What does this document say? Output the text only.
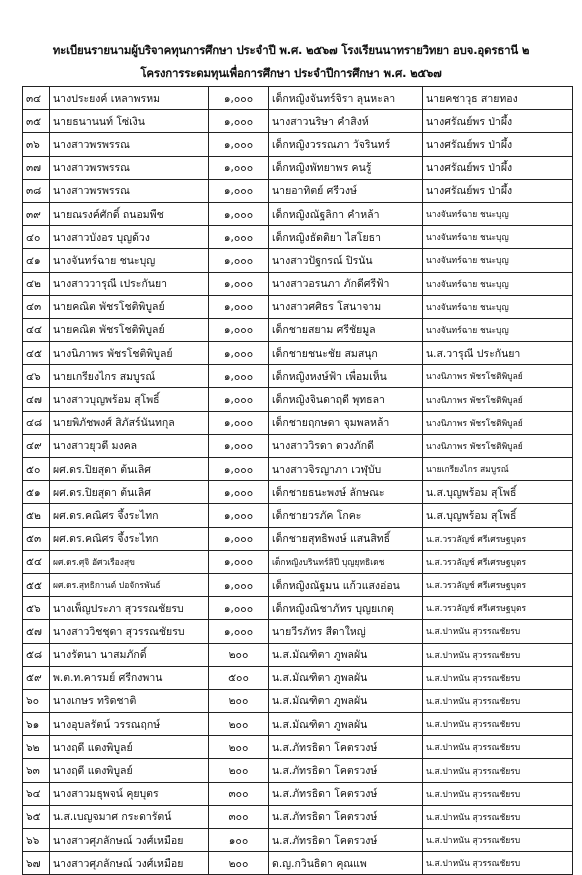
ทะเบียนรายนามผู้บริจาคทุนการศึกษา ประจำปี พ.ศ. ๒๕๖๗ โรงเรียนนาทรายวิทยา อบจ.อุดรธานี ๒
โครงการระดมทุนเพื่อการศึกษา ประจำปีการศึกษา พ.ศ. ๒๕๖๗
๓๔	นางประยงค์ เหลาพรหม	๑,๐๐๐	เด็กหญิงจันทร์จิรา ลุนหะลา	นายคชาวุธ สายทอง
๓๕	นายธนานนท์ โซ่เงิน	๑,๐๐๐	นางสาวนริษา คำสิงห์	นางศรัณย์พร ป่าผึ้ง
๓๖	นางสาวพรพรรณ	๑,๐๐๐	เด็กหญิงวรรณภา วัจรินทร์	นางศรัณย์พร ป่าผึ้ง
๓๗	นางสาวพรพรรณ	๑,๐๐๐	เด็กหญิงพัทยาพร คนรู้	นางศรัณย์พร ป่าผึ้ง
๓๘	นางสาวพรพรรณ	๑,๐๐๐	นายอาทิตย์ ศรีวงษ์	นางศรัณย์พร ป่าผึ้ง
๓๙	นายณรงค์ศักดิ์ ถนอมพืช	๑,๐๐๐	เด็กหญิงณัฐลิกา คำหล้า	นางจันทร์ฉาย ชนะบุญ
๔๐	นางสาวบังอร บุญด้วง	๑,๐๐๐	เด็กหญิงธัดติยา ไสโยธา	นางจันทร์ฉาย ชนะบุญ
๔๑	นางจันทร์ฉาย ชนะบุญ	๑,๐๐๐	นางสาวปัฐกรณ์ ปิรนัน	นางจันทร์ฉาย ชนะบุญ
๔๒	นางสาววารุณี เประกันยา	๑,๐๐๐	นางสาวอรนภา ภักดีศรีฟ้า	นางจันทร์ฉาย ชนะบุญ
๔๓	นายคณิต พัชรโชติพิบูลย์	๑,๐๐๐	นางสาวศศิธร โสนาจาม	นางจันทร์ฉาย ชนะบุญ
๔๔	นายคณิต พัชรโชติพิบูลย์	๑,๐๐๐	เด็กชายสยาม ศรีชัยมูล	นางจันทร์ฉาย ชนะบุญ
๔๕	นางนิภาพร พัชรโชติพิบูลย์	๑,๐๐๐	เด็กชายชนะชัย สมสนุก	น.ส.วารุณี ประกันยา
๔๖	นายเกรียงไกร สมบูรณ์	๑,๐๐๐	เด็กหญิงหงษ์ฟ้า เพื่อมเห็น	นางนิภาพร พัชรโชติพิบูลย์
๔๗	นางสาวบุญพร้อม สุโพธิ์	๑,๐๐๐	เด็กหญิงจินดาฤดี พุทธลา	นางนิภาพร พัชรโชติพิบูลย์
๔๘	นายพิภัชพงศ์ สิภัสร์นันทกุล	๑,๐๐๐	เด็กชายฤกษดา จุมพลหล้า	นางนิภาพร พัชรโชติพิบูลย์
๔๙	นางสาวยุวดี มงคล	๑,๐๐๐	นางสาววิรดา ดวงภักดี	นางนิภาพร พัชรโชติพิบูลย์
๕๐	ผศ.ดร.ปิยสุดา ต้นเลิศ	๑,๐๐๐	นางสาวจิรญาภา เวฬุบับ	นายเกรียงไกร สมบูรณ์
๕๑	ผศ.ดร.ปิยสุดา ต้นเลิศ	๑,๐๐๐	เด็กชายธนะพงษ์ ลักษณะ	น.ส.บุญพร้อม สุโพธิ์
๕๒	ผศ.ดร.คณิศร จึ้งระไทก	๑,๐๐๐	เด็กชายวรภัค โกคะ	น.ส.บุญพร้อม สุโพธิ์
๕๓	ผศ.ดร.คณิศร จึ้งระไทก	๑,๐๐๐	เด็กชายสุทธิพงษ์ แสนสิทธิ์	น.ส.วรวลัญช์ ศรีเศรษฐบุตร
๕๔	ผศ.ดร.ศุจิ อัศวเรืองสุข	๑,๐๐๐	เด็กหญิงบรินทร์ลิปี บุญยุทธิเดช	น.ส.วรวลัญช์ ศรีเศรษฐบุตร
๕๕	ผศ.ดร.สุทธิกานต์ ปอจักรพันธ์	๑,๐๐๐	เด็กหญิงณัฐมน แก้วแสงอ่อน	น.ส.วรวลัญช์ ศรีเศรษฐบุตร
๕๖	นางเพ็ญประภา สุวรรณชัยรบ	๑,๐๐๐	เด็กหญิงณิชาภัทร บุญยเกตุ	น.ส.วรวลัญช์ ศรีเศรษฐบุตร
๕๗	นางสาววิชชุดา สุวรรณชัยรบ	๑,๐๐๐	นายวีรภัทร สีดาใหญ่	น.ส.ปาหนัน สุวรรณชัยรบ
๕๘	นางรัตนา นาสมภักดิ์	๒๐๐	น.ส.มัณฑิตา ภูพลผัน	น.ส.ปาหนัน สุวรรณชัยรบ
๕๙	พ.ต.ท.คารมย์ ศรีกงพาน	๕๐๐	น.ส.มัณฑิตา ภูพลผัน	น.ส.ปาหนัน สุวรรณชัยรบ
๖๐	นางเกษร ทริดชาติ	๒๐๐	น.ส.มัณฑิตา ภูพลผัน	น.ส.ปาหนัน สุวรรณชัยรบ
๖๑	นางอุบลรัตน์ วรรณฤกษ์	๒๐๐	น.ส.มัณฑิตา ภูพลผัน	น.ส.ปาหนัน สุวรรณชัยรบ
๖๒	นางฤดี แดงพิบูลย์	๒๐๐	น.ส.ภัทรธิดา โคตรวงษ์	น.ส.ปาหนัน สุวรรณชัยรบ
๖๓	นางฤดี แดงพิบูลย์	๒๐๐	น.ส.ภัทรธิดา โคตรวงษ์	น.ส.ปาหนัน สุวรรณชัยรบ
๖๔	นางสาวมธุพจน์ คุยบุตร	๓๐๐	น.ส.ภัทรธิดา โคตรวงษ์	น.ส.ปาหนัน สุวรรณชัยรบ
๖๕	น.ส.เบญจมาศ กระดารัตน์	๓๐๐	น.ส.ภัทรธิดา โคตรวงษ์	น.ส.ปาหนัน สุวรรณชัยรบ
๖๖	นางสาวศุภลักษณ์ วงศ์เหมือย	๑๐๐	น.ส.ภัทรธิดา โคตรวงษ์	น.ส.ปาหนัน สุวรรณชัยรบ
๖๗	นางสาวศุภลักษณ์ วงศ์เหมือย	๒๐๐	ด.ญ.กวินธิดา คุณแพ	น.ส.ปาหนัน สุวรรณชัยรบ
